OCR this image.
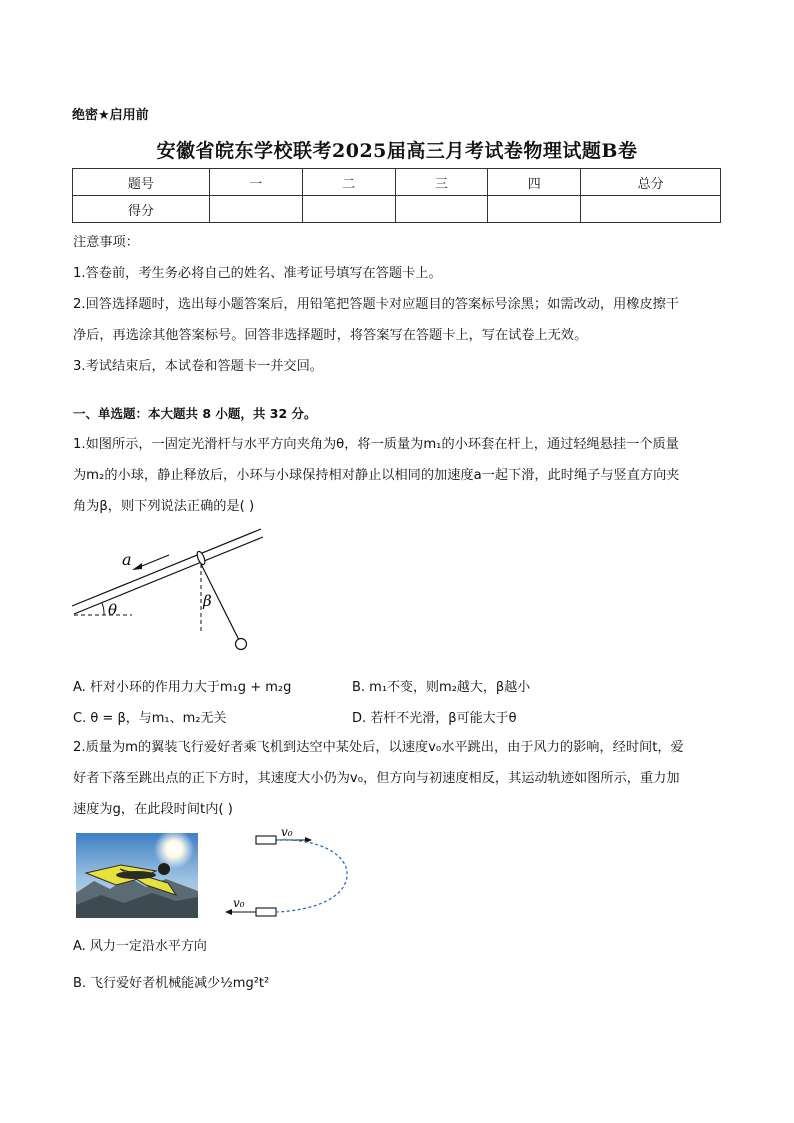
绝密★启用前
安徽省皖东学校联考2025届高三月考试卷物理试题B卷
题号	一	二	三	四	总分
得分					
注意事项：
1.答卷前，考生务必将自己的姓名、准考证号填写在答题卡上。
2.回答选择题时，选出每小题答案后，用铅笔把答题卡对应题目的答案标号涂黑；如需改动，用橡皮擦干
净后，再选涂其他答案标号。回答非选择题时，将答案写在答题卡上，写在试卷上无效。
3.考试结束后，本试卷和答题卡一并交回。
一、单选题：本大题共 8 小题，共 32 分。
1.如图所示，一固定光滑杆与水平方向夹角为θ，将一质量为m₁的小环套在杆上，通过轻绳悬挂一个质量
为m₂的小球，静止释放后，小环与小球保持相对静止以相同的加速度a一起下滑，此时绳子与竖直方向夹
角为β，则下列说法正确的是( )
θ
a
β
A. 杆对小环的作用力大于m₁g + m₂g	B. m₁不变，则m₂越大，β越小
C. θ = β，与m₁、m₂无关	D. 若杆不光滑，β可能大于θ
2.质量为m的翼装飞行爱好者乘飞机到达空中某处后，以速度v₀水平跳出，由于风力的影响，经时间t，爱
好者下落至跳出点的正下方时，其速度大小仍为v₀，但方向与初速度相反，其运动轨迹如图所示，重力加
速度为g，在此段时间t内( )
v₀
v₀
A. 风力一定沿水平方向
B. 飞行爱好者机械能减少½mg²t²
